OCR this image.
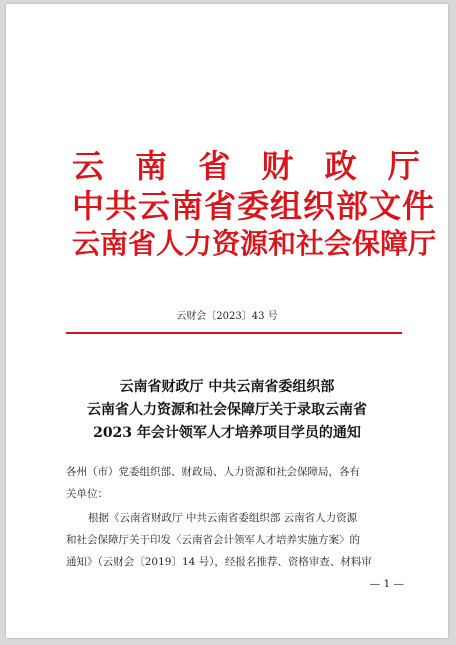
云 南 省 财 政 厅
中共云南省委组织部文件
云南省人力资源和社会保障厅
云财会〔2023〕43 号
云南省财政厅 中共云南省委组织部
云南省人力资源和社会保障厅关于录取云南省
2023 年会计领军人才培养项目学员的通知
各州（市）党委组织部、财政局、人力资源和社会保障局，各有
关单位：
根据《云南省财政厅 中共云南省委组织部 云南省人力资源
和社会保障厅关于印发〈云南省会计领军人才培养实施方案〉的
通知》（云财会〔2019〕14 号），经报名推荐、资格审查、材料审
— 1 —
